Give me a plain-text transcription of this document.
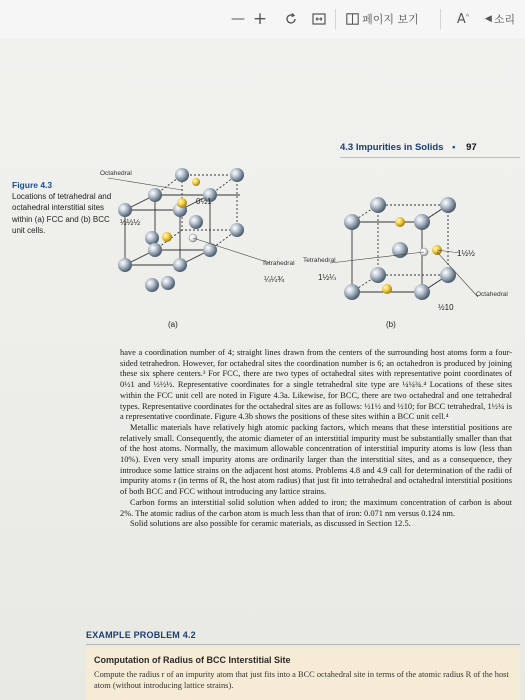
— +	페이지 보기	A ᴬ ◀ 소리
4.3 Impurities in Solids • 97
Figure 4.3
Locations of tetrahedral and octahedral interstitial sites within (a) FCC and (b) BCC unit cells.
Octahedral
0½1
½½½
Tetrahedral
¼¼¾
Tetrahedral
1½¼
1½½
Octahedral
½10
(a)	(b)

have a coordination number of 4; straight lines drawn from the centers of the surrounding host atoms form a four-sided tetrahedron. However, for octahedral sites the coordination number is 6; an octahedron is produced by joining these six sphere centers.³ For FCC, there are two types of octahedral sites with representative point coordinates of 0½1 and ½½½. Representative coordinates for a single tetrahedral site type are ¼¼¾.⁴ Locations of these sites within the FCC unit cell are noted in Figure 4.3a. Likewise, for BCC, there are two octahedral and one tetrahedral types. Representative coordinates for the octahedral sites are as follows: ½1½ and ½10; for BCC tetrahedral, 1½¼ is a representative coordinate. Figure 4.3b shows the positions of these sites within a BCC unit cell.⁴

Metallic materials have relatively high atomic packing factors, which means that these interstitial positions are relatively small. Consequently, the atomic diameter of an interstitial impurity must be substantially smaller than that of the host atoms. Normally, the maximum allowable concentration of interstitial impurity atoms is low (less than 10%). Even very small impurity atoms are ordinarily larger than the interstitial sites, and as a consequence, they introduce some lattice strains on the adjacent host atoms. Problems 4.8 and 4.9 call for determination of the radii of impurity atoms r (in terms of R, the host atom radius) that just fit into tetrahedral and octahedral interstitial positions of both BCC and FCC without introducing any lattice strains.

Carbon forms an interstitial solid solution when added to iron; the maximum concentration of carbon is about 2%. The atomic radius of the carbon atom is much less than that of iron: 0.071 nm versus 0.124 nm.

Solid solutions are also possible for ceramic materials, as discussed in Section 12.5.

EXAMPLE PROBLEM 4.2
Computation of Radius of BCC Interstitial Site
Compute the radius r of an impurity atom that just fits into a BCC octahedral site in terms of the atomic radius R of the host atom (without introducing lattice strains).
